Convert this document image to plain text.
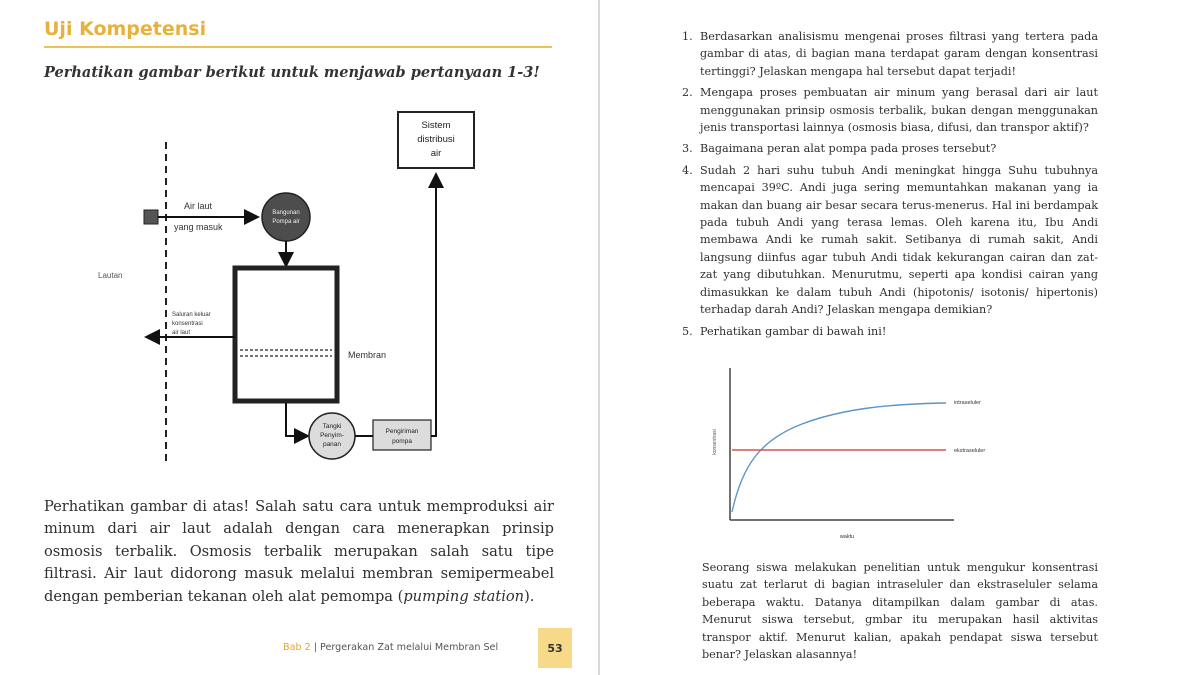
Uji Kompetensi
Perhatikan gambar berikut untuk menjawab pertanyaan 1-3!
Air laut
yang masuk
Bangunan
Pompa air
Lautan
Membran
Saluran keluar
konsentrasi
air laut
Tangki
Penyim-
panan
Pengiriman
pompa
Sistem
distribusi
air
Perhatikan gambar di atas! Salah satu cara untuk memproduksi air minum dari air laut adalah dengan cara menerapkan prinsip osmosis terbalik. Osmosis terbalik merupakan salah satu tipe filtrasi. Air laut didorong masuk melalui membran semipermeabel dengan pemberian tekanan oleh alat pemompa (pumping station).
Bab 2 | Pergerakan Zat melalui Membran Sel	53
1. Berdasarkan analisismu mengenai proses filtrasi yang tertera pada gambar di atas, di bagian mana terdapat garam dengan konsentrasi tertinggi? Jelaskan mengapa hal tersebut dapat terjadi!
2. Mengapa proses pembuatan air minum yang berasal dari air laut menggunakan prinsip osmosis terbalik, bukan dengan menggunakan jenis transportasi lainnya (osmosis biasa, difusi, dan transpor aktif)?
3. Bagaimana peran alat pompa pada proses tersebut?
4. Sudah 2 hari suhu tubuh Andi meningkat hingga Suhu tubuhnya mencapai 39ºC. Andi juga sering memuntahkan makanan yang ia makan dan buang air besar secara terus-menerus. Hal ini berdampak pada tubuh Andi yang terasa lemas. Oleh karena itu, Ibu Andi membawa Andi ke rumah sakit. Setibanya di rumah sakit, Andi langsung diinfus agar tubuh Andi tidak kekurangan cairan dan zat-zat yang dibutuhkan. Menurutmu, seperti apa kondisi cairan yang dimasukkan ke dalam tubuh Andi (hipotonis/ isotonis/ hipertonis) terhadap darah Andi? Jelaskan mengapa demikian?
5. Perhatikan gambar di bawah ini!
intraseluler
ekstraseluler
konsentrasi
waktu
Seorang siswa melakukan penelitian untuk mengukur konsentrasi suatu zat terlarut di bagian intraseluler dan ekstraseluler selama beberapa waktu. Datanya ditampilkan dalam gambar di atas. Menurut siswa tersebut, gmbar itu merupakan hasil aktivitas transpor aktif. Menurut kalian, apakah pendapat siswa tersebut benar? Jelaskan alasannya!
